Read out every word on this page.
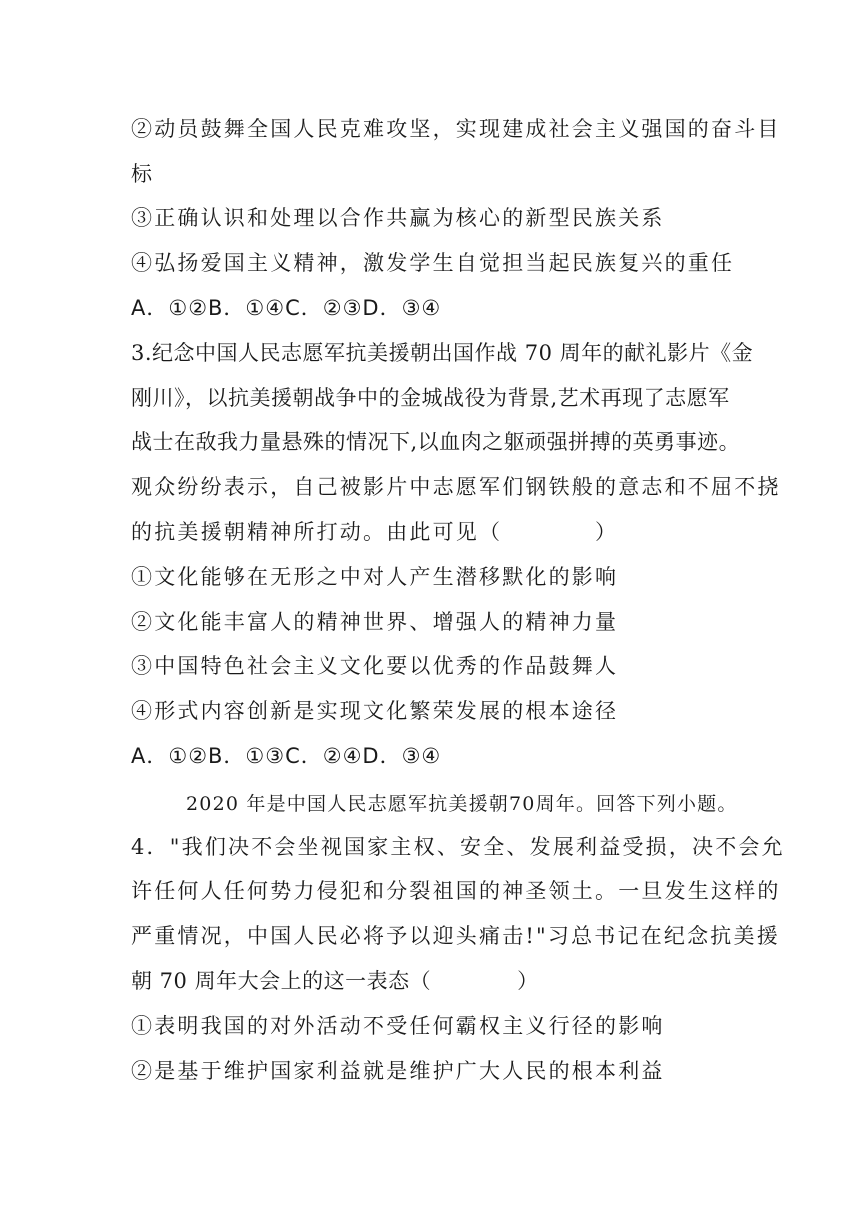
②动员鼓舞全国人民克难攻坚，实现建成社会主义强国的奋斗目
标
③正确认识和处理以合作共赢为核心的新型民族关系
④弘扬爱国主义精神，激发学生自觉担当起民族复兴的重任
A．①②B．①④C．②③D．③④
3.纪念中国人民志愿军抗美援朝出国作战 70 周年的献礼影片《金
刚川》，以抗美援朝战争中的金城战役为背景,艺术再现了志愿军
战士在敌我力量悬殊的情况下,以血肉之躯顽强拼搏的英勇事迹。
观众纷纷表示，自己被影片中志愿军们钢铁般的意志和不屈不挠
的抗美援朝精神所打动。由此可见（　　　　）
①文化能够在无形之中对人产生潜移默化的影响
②文化能丰富人的精神世界、增强人的精神力量
③中国特色社会主义文化要以优秀的作品鼓舞人
④形式内容创新是实现文化繁荣发展的根本途径
A．①②B．①③C．②④D．③④
2020 年是中国人民志愿军抗美援朝70周年。回答下列小题。
4．"我们决不会坐视国家主权、安全、发展利益受损，决不会允
许任何人任何势力侵犯和分裂祖国的神圣领土。一旦发生这样的
严重情况，中国人民必将予以迎头痛击!"习总书记在纪念抗美援
朝 70 周年大会上的这一表态（　　　　）
①表明我国的对外活动不受任何霸权主义行径的影响
②是基于维护国家利益就是维护广大人民的根本利益
